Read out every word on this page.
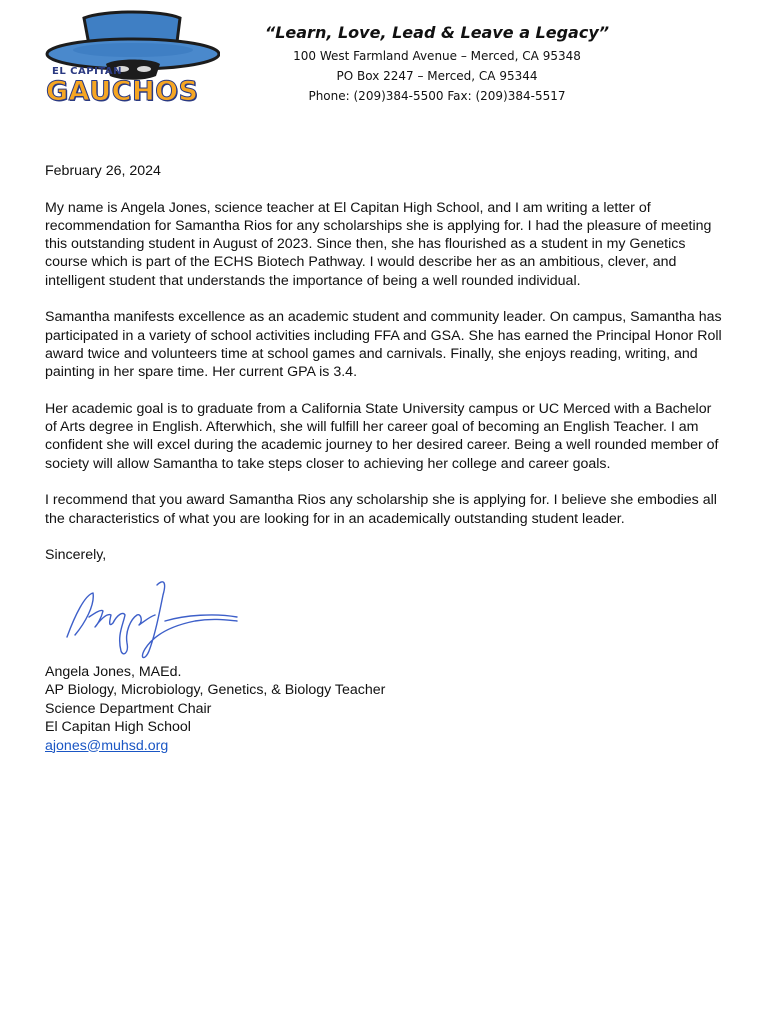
EL CAPITAN
GAUCHOS
“Learn, Love, Lead & Leave a Legacy”
100 West Farmland Avenue – Merced, CA 95348
PO Box 2247 – Merced, CA 95344
Phone: (209)384-5500 Fax: (209)384-5517

February 26, 2024

My name is Angela Jones, science teacher at El Capitan High School, and I am writing a letter of recommendation for Samantha Rios for any scholarships she is applying for. I had the pleasure of meeting this outstanding student in August of 2023. Since then, she has flourished as a student in my Genetics course which is part of the ECHS Biotech Pathway. I would describe her as an ambitious, clever, and intelligent student that understands the importance of being a well rounded individual.

Samantha manifests excellence as an academic student and community leader. On campus, Samantha has participated in a variety of school activities including FFA and GSA. She has earned the Principal Honor Roll award twice and volunteers time at school games and carnivals. Finally, she enjoys reading, writing, and painting in her spare time. Her current GPA is 3.4.

Her academic goal is to graduate from a California State University campus or UC Merced with a Bachelor of Arts degree in English. Afterwhich, she will fulfill her career goal of becoming an English Teacher. I am confident she will excel during the academic journey to her desired career. Being a well rounded member of society will allow Samantha to take steps closer to achieving her college and career goals.

I recommend that you award Samantha Rios any scholarship she is applying for. I believe she embodies all the characteristics of what you are looking for in an academically outstanding student leader.

Sincerely,

Angela Jones, MAEd.
AP Biology, Microbiology, Genetics, & Biology Teacher
Science Department Chair
El Capitan High School
ajones@muhsd.org
